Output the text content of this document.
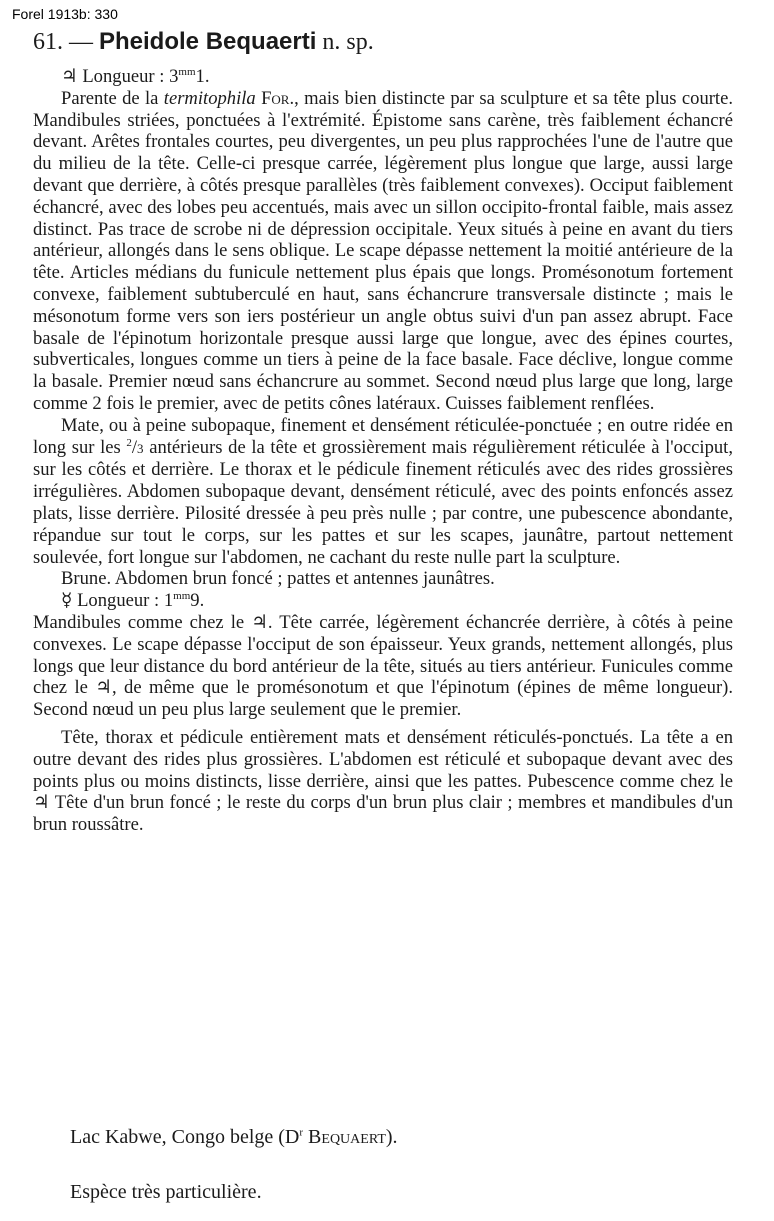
Forel 1913b: 330
61. — Pheidole Bequaerti n. sp.
♃ Longueur : $3^{mm}1$.

Parente de la termitophila For., mais bien distincte par sa sculpture et sa tête plus courte. Mandibules striées, ponctuées à l'extrémité. Épistome sans carène, très faiblement échancré devant. Arêtes frontales courtes, peu divergentes, un peu plus rapprochées l'une de l'autre que du milieu de la tête. Celle-ci presque carrée, légèrement plus longue que large, aussi large devant que derrière, à côtés presque parallèles (très faiblement convexes). Occiput faiblement échancré, avec des lobes peu accentués, mais avec un sillon occipito-frontal faible, mais assez distinct. Pas trace de scrobe ni de dépression occipitale. Yeux situés à peine en avant du tiers antérieur, allongés dans le sens oblique. Le scape dépasse nettement la moitié antérieure de la tête. Articles médians du funicule nettement plus épais que longs. Promésonotum fortement convexe, faiblement subtuberculé en haut, sans échancrure transversale distincte ; mais le mésonotum forme vers son iers postérieur un angle obtus suivi d'un pan assez abrupt. Face basale de l'épinotum horizontale presque aussi large que longue, avec des épines courtes, subverticales, longues comme un tiers à peine de la face basale. Face déclive, longue comme la basale. Premier nœud sans échancrure au sommet. Second nœud plus large que long, large comme 2 fois le premier, avec de petits cônes latéraux. Cuisses faiblement renflées.

Mate, ou à peine subopaque, finement et densément réticulée-ponctuée ; en outre ridée en long sur les $^2$/3 antérieurs de la tête et grossièrement mais régulièrement réticulée à l'occiput, sur les côtés et derrière. Le thorax et le pédicule finement réticulés avec des rides grossières irrégulières. Abdomen subopaque devant, densément réticulé, avec des points enfoncés assez plats, lisse derrière. Pilosité dressée à peu près nulle ; par contre, une pubescence abondante, répandue sur tout le corps, sur les pattes et sur les scapes, jaunâtre, partout nettement soulevée, fort longue sur l'abdomen, ne cachant du reste nulle part la sculpture.

Brune. Abdomen brun foncé ; pattes et antennes jaunâtres.

☿ Longueur : $1^{mm}9$.

Mandibules comme chez le ♃. Tête carrée, légèrement échancrée derrière, à côtés à peine convexes. Le scape dépasse l'occiput de son épaisseur. Yeux grands, nettement allongés, plus longs que leur distance du bord antérieur de la tête, situés au tiers antérieur. Funicules comme chez le ♃, de même que le promésonotum et que l'épinotum (épines de même longueur). Second nœud un peu plus large seulement que le premier.

Tête, thorax et pédicule entièrement mats et densément réticulés-ponctués. La tête a en outre devant des rides plus grossières. L'abdomen est réticulé et subopaque devant avec des points plus ou moins distincts, lisse derrière, ainsi que les pattes. Pubescence comme chez le ♃ Tête d'un brun foncé ; le reste du corps d'un brun plus clair ; membres et mandibules d'un brun roussâtre.

Lac Kabwe, Congo belge ($D^r$ Bequaert).
Espèce très particulière.
